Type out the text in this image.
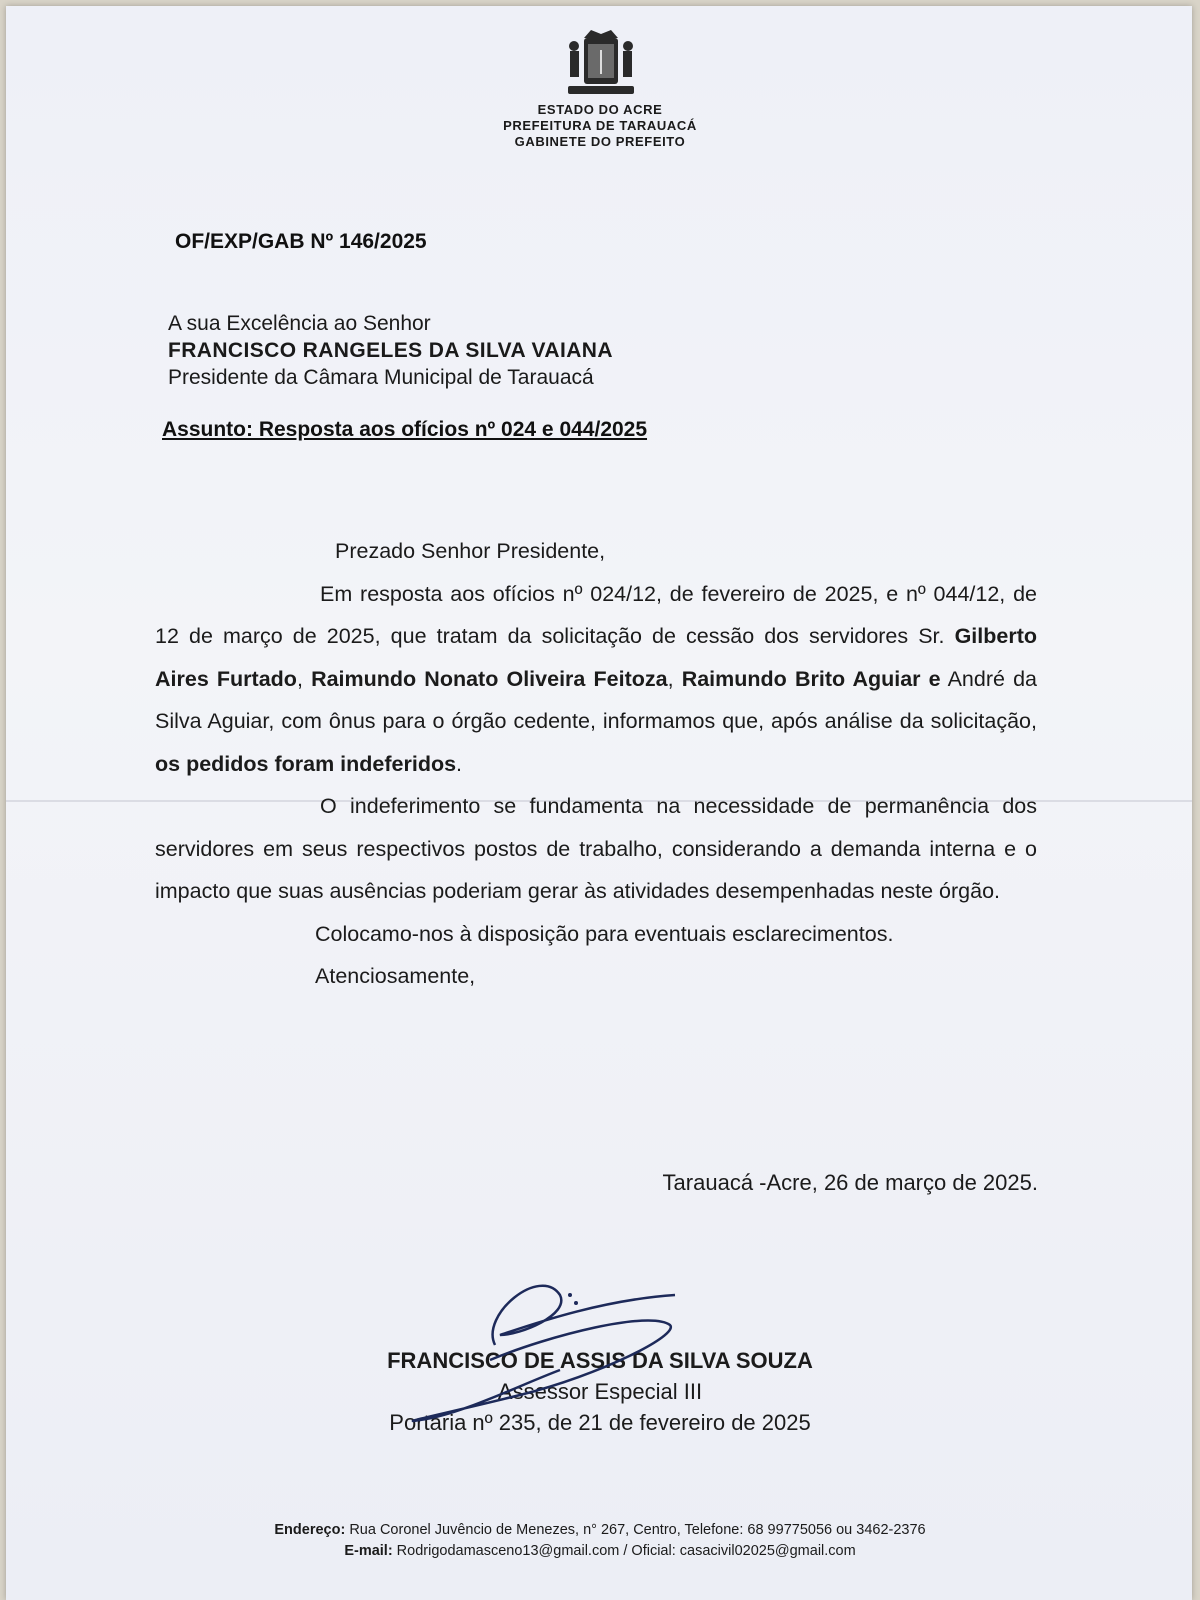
ESTADO DO ACRE
PREFEITURA DE TARAUACÁ
GABINETE DO PREFEITO
OF/EXP/GAB Nº 146/2025
A sua Excelência ao Senhor
FRANCISCO RANGELES DA SILVA VAIANA
Presidente da Câmara Municipal de Tarauacá
Assunto: Resposta aos ofícios nº 024 e 044/2025

Prezado Senhor Presidente,

Em resposta aos ofícios nº 024/12, de fevereiro de 2025, e nº 044/12, de 12 de março de 2025, que tratam da solicitação de cessão dos servidores Sr. Gilberto Aires Furtado, Raimundo Nonato Oliveira Feitoza, Raimundo Brito Aguiar e André da Silva Aguiar, com ônus para o órgão cedente, informamos que, após análise da solicitação, os pedidos foram indeferidos.

O indeferimento se fundamenta na necessidade de permanência dos servidores em seus respectivos postos de trabalho, considerando a demanda interna e o impacto que suas ausências poderiam gerar às atividades desempenhadas neste órgão.

Colocamo-nos à disposição para eventuais esclarecimentos.

Atenciosamente,

Tarauacá -Acre, 26 de março de 2025.
FRANCISCO DE ASSIS DA SILVA SOUZA
Assessor Especial III
Portaria nº 235, de 21 de fevereiro de 2025
Endereço: Rua Coronel Juvêncio de Menezes, n° 267, Centro, Telefone: 68 99775056 ou 3462-2376
E-mail: Rodrigodamasceno13@gmail.com / Oficial: casacivil02025@gmail.com
